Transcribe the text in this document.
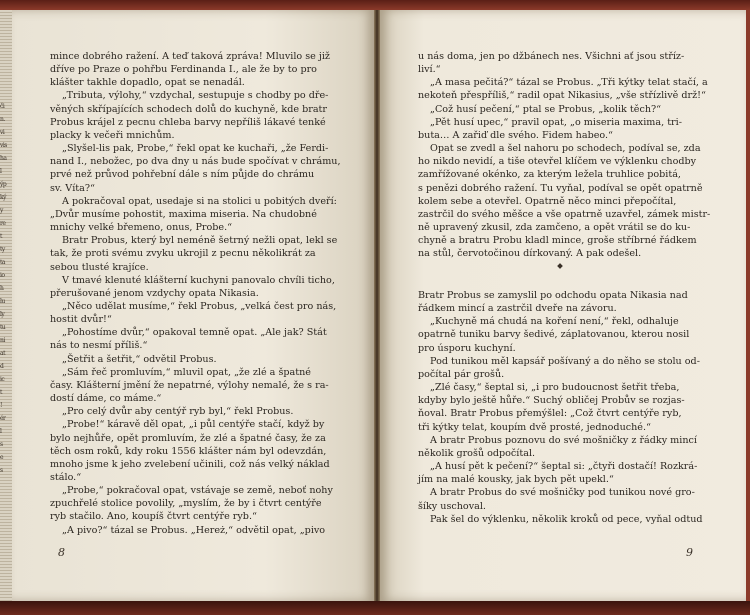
či
n.
vi
vis
ha
l
ýp
ký
y
re
t
ty
ta
io
h
lu
ly
tu
ni
at
d
ic
t
!
ér
l
s
e
s

mince dobrého ražení. A teď taková zpráva! Mluvilo se již

dříve po Praze o pohřbu Ferdinanda I., ale že by to pro

klášter takhle dopadlo, opat se nenadál.

„Tributa, výlohy,“ vzdychal, sestupuje s chodby po dře-

věných skřípajících schodech dolů do kuchyně, kde bratr

Probus krájel z pecnu chleba barvy nepříliš lákavé tenké

placky k večeři mnichům.

„Slyšel-lis pak, Probe,“ řekl opat ke kuchaři, „že Ferdi-

nand I., nebožec, po dva dny u nás bude spočívat v chrámu,

prvé než průvod pohřební dále s ním půjde do chrámu

sv. Víta?“

A pokračoval opat, usedaje si na stolici u pobitých dveří:

„Dvůr musíme pohostit, maxima miseria. Na chudobné

mnichy velké břemeno, onus, Probe.“

Bratr Probus, který byl neméně šetrný nežli opat, lekl se

tak, že proti svému zvyku ukrojil z pecnu několikrát za

sebou tlusté krajíce.

V tmavé klenuté klášterní kuchyni panovalo chvíli ticho,

přerušované jenom vzdychy opata Nikasia.

„Něco udělat musíme,“ řekl Probus, „velká čest pro nás,

hostit dvůr!“

„Pohostíme dvůr,“ opakoval temně opat. „Ale jak? Stát

nás to nesmí příliš.“

„Šetřit a šetřit,“ odvětil Probus.

„Sám řeč promluvím,“ mluvil opat, „že zlé a špatné

časy. Klášterní jmění že nepatrné, výlohy nemalé, že s ra-

dostí dáme, co máme.“

„Pro celý dvůr aby centýř ryb byl,“ řekl Probus.

„Probe!“ káravě děl opat, „i půl centýře stačí, když by

bylo nejhůře, opět promluvím, že zlé a špatné časy, že za

těch osm roků, kdy roku 1556 klášter nám byl odevzdán,

mnoho jsme k jeho zvelebení učinili, což nás velký náklad

stálo.“

„Probe,“ pokračoval opat, vstávaje se země, neboť nohy

zpuchřelé stolice povolily, „myslím, že by i čtvrt centýře

ryb stačilo. Ano, koupíš čtvrt centýře ryb.“

„A pivo?“ tázal se Probus. „Hereż,“ odvětil opat, „pivo

8

u nás doma, jen po džbánech nes. Všichni ať jsou stříz-

liví.“

„A masa pečitá?“ tázal se Probus. „Tři kýtky telat stačí, a

nekoteň přespříliš,“ radil opat Nikasius, „vše střízlivě drž!“

„Což husí pečení,“ ptal se Probus, „kolik těch?“

„Pět husí upec,“ pravil opat, „o miseria maxima, tri-

buta… A zařiď dle svého. Fidem habeo.“

Opat se zvedl a šel nahoru po schodech, podíval se, zda

ho nikdo nevidí, a tiše otevřel klíčem ve výklenku chodby

zamřížované okénko, za kterým ležela truhlice pobitá,

s penězi dobrého ražení. Tu vyňal, podíval se opět opatrně

kolem sebe a otevřel. Opatrně něco minci přepočítal,

zastrčil do svého měšce a vše opatrně uzavřel, zámek mistr-

ně upravený zkusil, zda zamčeno, a opět vrátil se do ku-

chyně a bratru Probu kladl mince, groše stříbrné řádkem

na stůl, červotočinou dírkovaný. A pak odešel.

Bratr Probus se zamyslil po odchodu opata Nikasia nad

řádkem mincí a zastrčil dveře na závoru.

„Kuchyně má chudá na koření není,“ řekl, odhaluje

opatrně tuniku barvy šedivé, záplatovanou, kterou nosil

pro úsporu kuchyní.

Pod tunikou měl kapsář pošívaný a do něho se stolu od-

počítal pár grošů.

„Zlé časy,“ šeptal si, „i pro budoucnost šetřit třeba,

kdyby bylo ještě hůře.“ Suchý obličej Probův se rozjas-

ňoval. Bratr Probus přemýšlel: „Což čtvrt centýře ryb,

tři kýtky telat, koupím dvě prosté, jednoduché.“

A bratr Probus poznovu do své mošničky z řádky mincí

několik grošů odpočítal.

„A husí pět k pečení?“ šeptal si: „čtyři dostačí! Rozkrá-

jím na malé kousky, jak bych pět upekl.“

A bratr Probus do své mošničky pod tunikou nové gro-

šíky uschoval.

Pak šel do výklenku, několik kroků od pece, vyňal odtud

9
